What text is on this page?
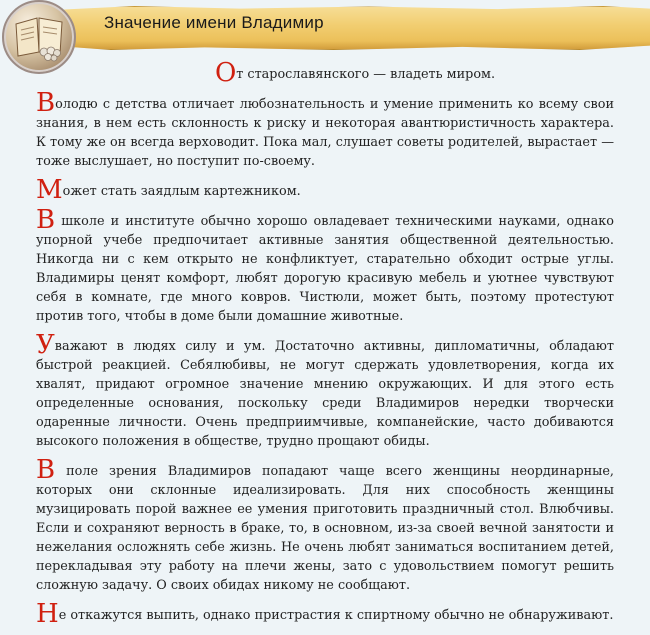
Значение имени Владимир

От старославянского — владеть миром.

Володю с детства отличает любознательность и умение применить ко всему свои знания, в нем есть склонность к риску и некоторая авантюристичность характера. К тому же он всегда верховодит. Пока мал, слушает советы родителей, вырастает — тоже выслушает, но поступит по-своему.

Может стать заядлым картежником.

В школе и институте обычно хорошо овладевает техническими науками, однако упорной учебе предпочитает активные занятия общественной деятельностью. Никогда ни с кем открыто не конфликтует, старательно обходит острые углы. Владимиры ценят комфорт, любят дорогую красивую мебель и уютнее чувствуют себя в комнате, где много ковров. Чистюли, может быть, поэтому протестуют против того, чтобы в доме были домашние животные.

Уважают в людях силу и ум. Достаточно активны, дипломатичны, обладают быстрой реакцией. Себялюбивы, не могут сдержать удовлетворения, когда их хвалят, придают огромное значение мнению окружающих. И для этого есть определенные основания, поскольку среди Владимиров нередки творчески одаренные личности. Очень предприимчивые, компанейские, часто добиваются высокого положения в обществе, трудно прощают обиды.

В поле зрения Владимиров попадают чаще всего женщины неординарные, которых они склонные идеализировать. Для них способность женщины музицировать порой важнее ее умения приготовить праздничный стол. Влюбчивы. Если и сохраняют верность в браке, то, в основном, из-за своей вечной занятости и нежелания осложнять себе жизнь. Не очень любят заниматься воспитанием детей, перекладывая эту работу на плечи жены, зато с удовольствием помогут решить сложную задачу. О своих обидах никому не сообщают.

Не откажутся выпить, однако пристрастия к спиртному обычно не обнаруживают.
